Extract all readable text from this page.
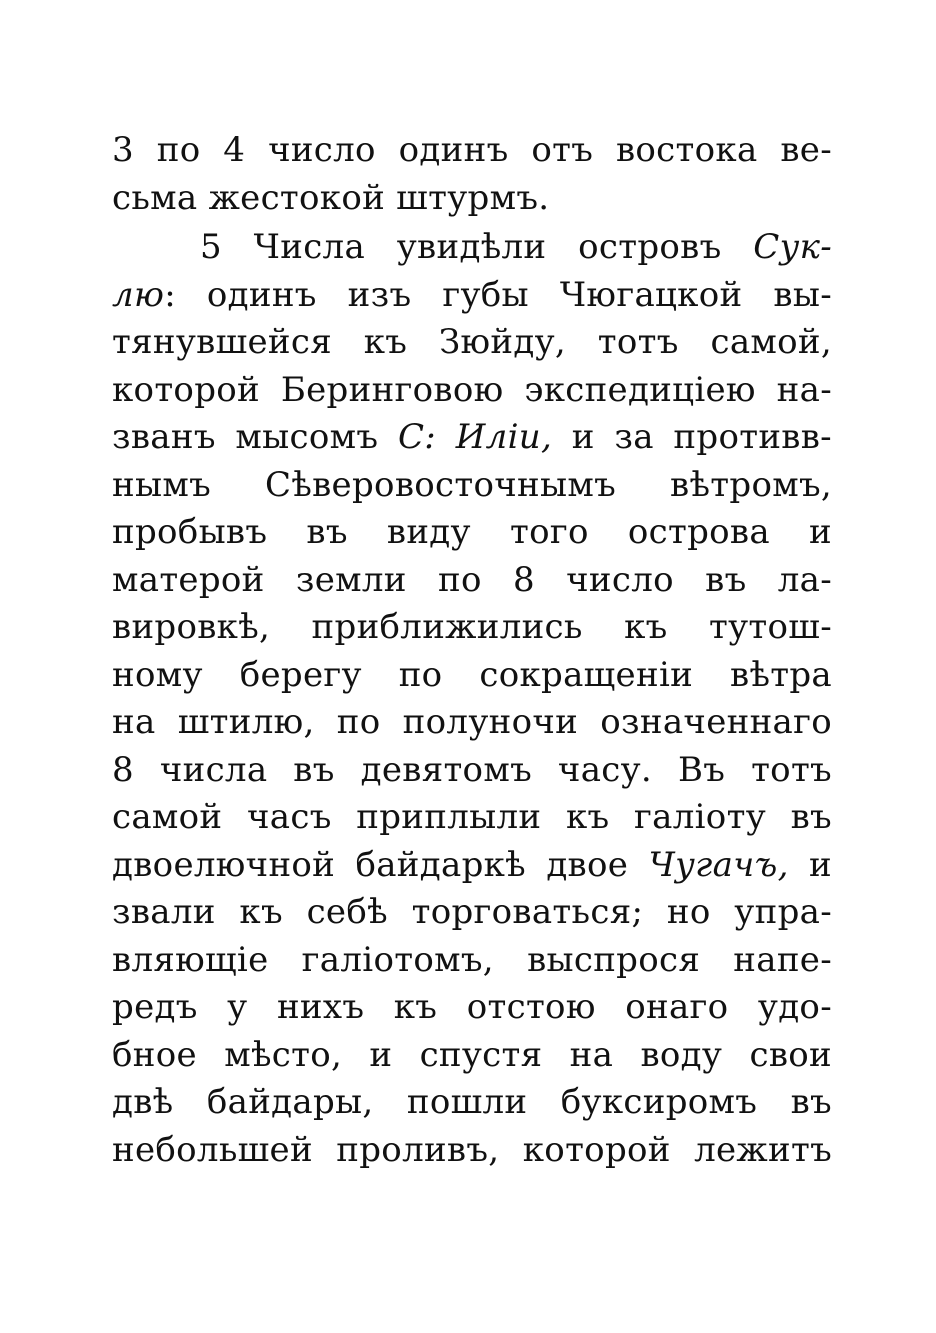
3 по 4 число одинъ отъ востока ве-
сьма жестокой штурмъ.
5 Числа увидѣли островъ Сук-
лю: одинъ изъ губы Чюгацкой вы-
тянувшейся къ Зюйду, тотъ самой,
которой Беринговою экспедицiею на-
званъ мысомъ С: Илiи, и за противв-
нымъ Сѣверовосточнымъ вѣтромъ,
пробывъ въ виду того острова и
матерой земли по 8 число въ ла-
вировкѣ, приближились къ тутош-
ному берегу по сокращенiи вѣтра
на штилю, по полуночи означеннаго
8 числа въ девятомъ часу. Въ тотъ
самой часъ приплыли къ галiоту въ
двоелючной байдаркѣ двое Чугачъ, и
звали къ себѣ торговаться; но упра-
вляющiе галiотомъ, выспрося напе-
редъ у нихъ къ отстою онаго удо-
бное мѣсто, и спустя на воду свои
двѣ байдары, пошли буксиромъ въ
небольшей проливъ, которой лежитъ
